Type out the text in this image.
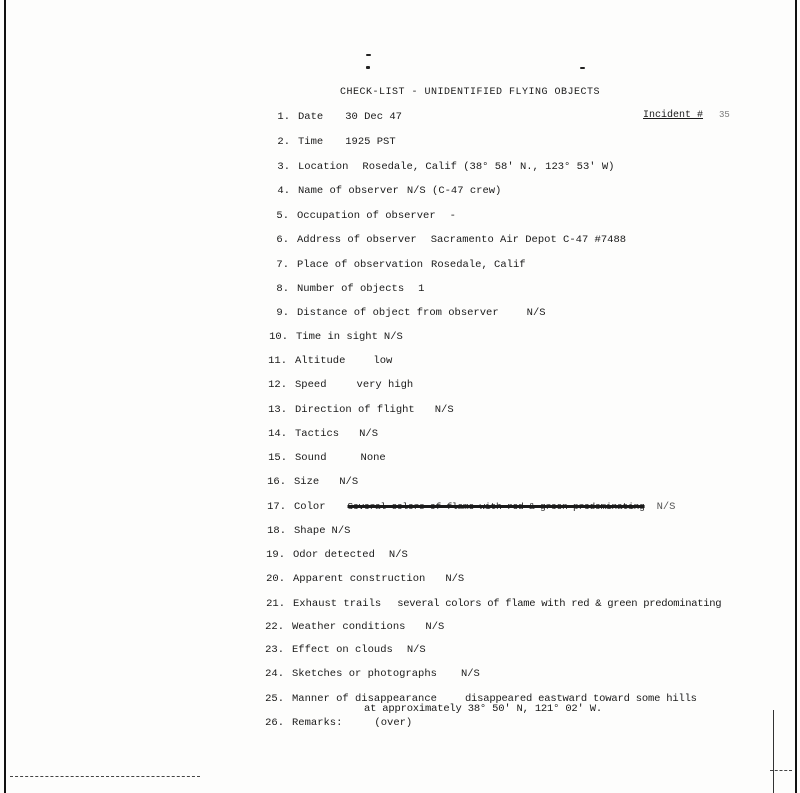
CHECK-LIST - UNIDENTIFIED FLYING OBJECTS
Incident # 35
1. Date 30 Dec 47
2. Time 1925 PST
3. Location Rosedale, Calif (38° 58' N., 123° 53' W)
4. Name of observer N/S (C-47 crew)
5. Occupation of observer -
6. Address of observer Sacramento Air Depot C-47 #7488
7. Place of observation Rosedale, Calif
8. Number of objects 1
9. Distance of object from observer	N/S
10. Time in sight N/S
11. Altitude	low
12. Speed	very high
13. Direction of flight N/S
14. Tactics N/S
15. Sound	None
16. Size N/S
17. Color Several colors of flame with red & green predominating N/S
18. Shape N/S
19. Odor detected N/S
20. Apparent construction N/S
21. Exhaust trails several colors of flame with red & green predominating
22. Weather conditions N/S
23. Effect on clouds N/S
24. Sketches or photographs N/S
25. Manner of disappearance	disappeared eastward toward some hills
at approximately 38° 50' N, 121° 02' W.
26. Remarks:	(over)
